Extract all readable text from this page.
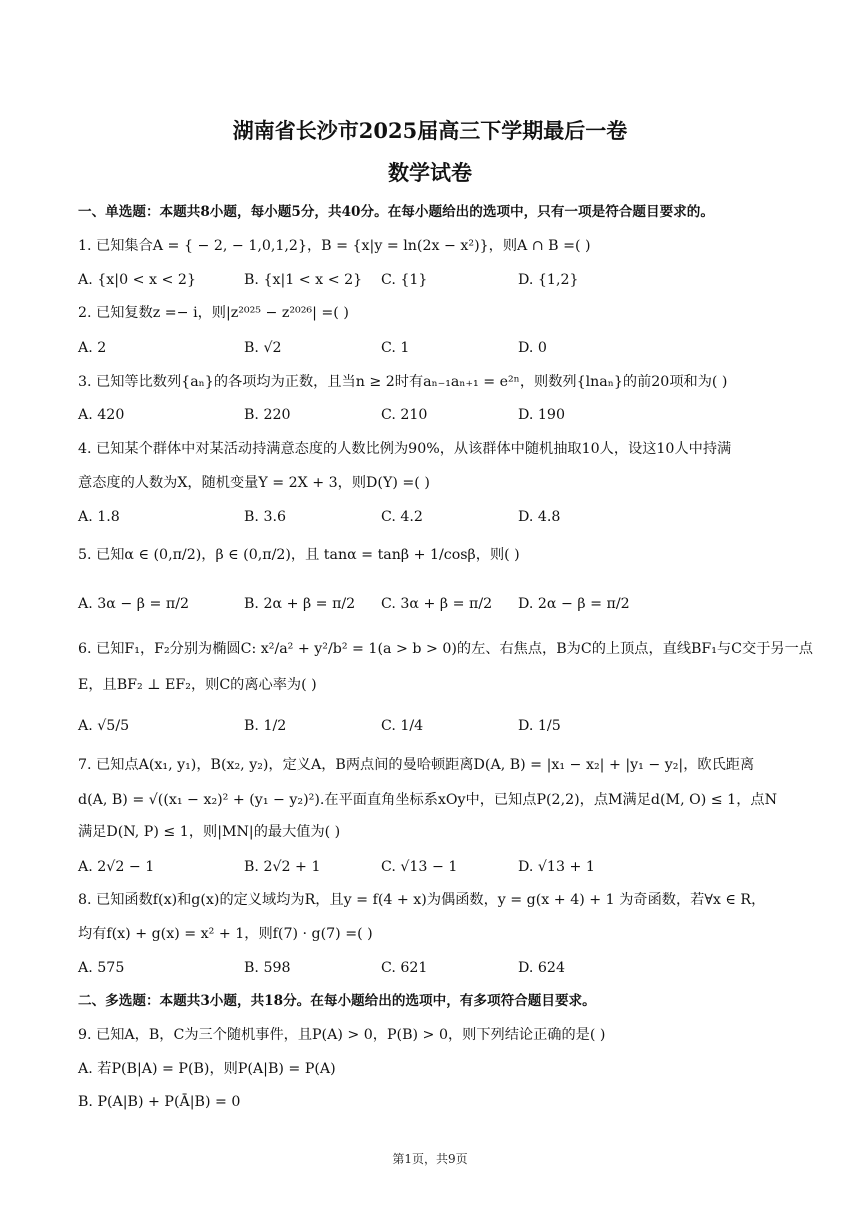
湖南省长沙市2025届高三下学期最后一卷
数学试卷
一、单选题：本题共8小题，每小题5分，共40分。在每小题给出的选项中，只有一项是符合题目要求的。
1. 已知集合A = { − 2, − 1,0,1,2}，B = {x|y = ln(2x − x²)}，则A ∩ B =( )
A. {x|0 < x < 2}	B. {x|1 < x < 2} C. {1}	D. {1,2}
2. 已知复数z =− i，则|z²⁰²⁵ − z²⁰²⁶| =( )
A. 2	B. √2	C. 1	D. 0
3. 已知等比数列{aₙ}的各项均为正数，且当n ≥ 2时有aₙ₋₁aₙ₊₁ = e²ⁿ，则数列{lnaₙ}的前20项和为( )
A. 420	B. 220	C. 210	D. 190
4. 已知某个群体中对某活动持满意态度的人数比例为90%，从该群体中随机抽取10人，设这10人中持满
意态度的人数为X，随机变量Y = 2X + 3，则D(Y) =( )
A. 1.8	B. 3.6	C. 4.2	D. 4.8
5. 已知α ∈ (0,π/2)，β ∈ (0,π/2)，且 tanα = tanβ + 1/cosβ，则( )
A. 3α − β = π/2	B. 2α + β = π/2 C. 3α + β = π/2 D. 2α − β = π/2
6. 已知F₁，F₂分别为椭圆C: x²/a² + y²/b² = 1(a > b > 0)的左、右焦点，B为C的上顶点，直线BF₁与C交于另一点
E，且BF₂ ⊥ EF₂，则C的离心率为( )
A. √5/5	B. 1/2	C. 1/4	D. 1/5
7. 已知点A(x₁, y₁)，B(x₂, y₂)，定义A，B两点间的曼哈顿距离D(A, B) = |x₁ − x₂| + |y₁ − y₂|，欧氏距离
d(A, B) = √((x₁ − x₂)² + (y₁ − y₂)²).在平面直角坐标系xOy中，已知点P(2,2)，点M满足d(M, O) ≤ 1，点N
满足D(N, P) ≤ 1，则|MN|的最大值为( )
A. 2√2 − 1	B. 2√2 + 1	C. √13 − 1	D. √13 + 1
8. 已知函数f(x)和g(x)的定义域均为R，且y = f(4 + x)为偶函数，y = g(x + 4) + 1 为奇函数，若∀x ∈ R，
均有f(x) + g(x) = x² + 1，则f(7) · g(7) =( )
A. 575	B. 598	C. 621	D. 624
二、多选题：本题共3小题，共18分。在每小题给出的选项中，有多项符合题目要求。
9. 已知A，B，C为三个随机事件，且P(A) > 0，P(B) > 0，则下列结论正确的是( )
A. 若P(B|A) = P(B)，则P(A|B) = P(A)
B. P(A|B) + P(Ā|B) = 0
第1页，共9页
